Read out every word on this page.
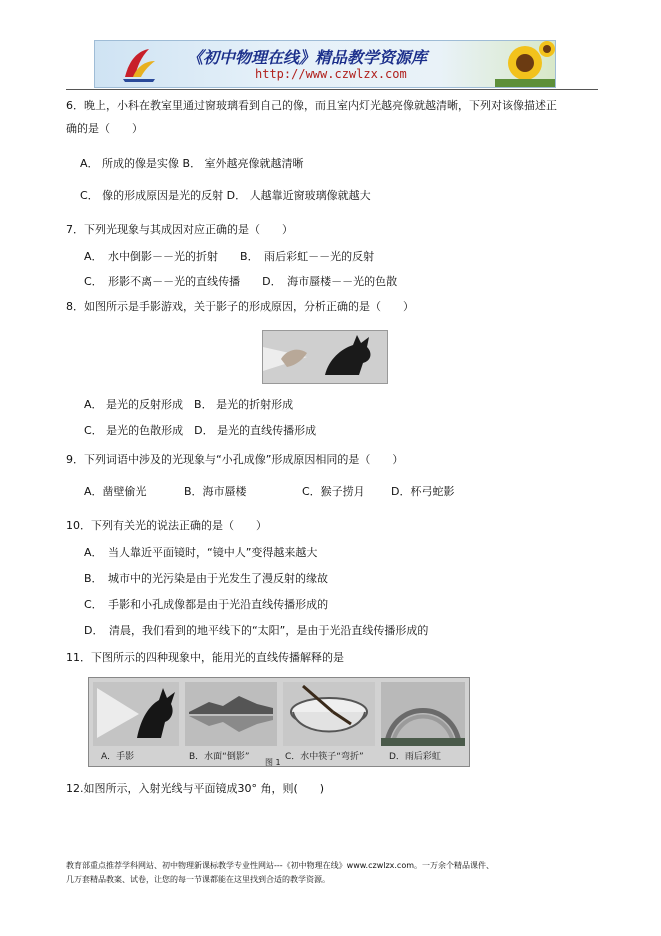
《初中物理在线》精品教学资源库
http://www.czwlzx.com
6．晚上，小科在教室里通过窗玻璃看到自己的像，而且室内灯光越亮像就越清晰，下列对该像描述正
确的是（　　）
A． 所成的像是实像 B． 室外越亮像就越清晰
C． 像的形成原因是光的反射 D． 人越靠近窗玻璃像就越大
7．下列光现象与其成因对应正确的是（　　）
A．　水中倒影－－光的折射　　B．　雨后彩虹－－光的反射
C．　形影不离－－光的直线传播　　D．　海市蜃楼－－光的色散
8．如图所示是手影游戏，关于影子的形成原因，分析正确的是（　　）
A． 是光的反射形成　B． 是光的折射形成
C． 是光的色散形成　D． 是光的直线传播形成
9．下列词语中涉及的光现象与“小孔成像”形成原因相同的是（　　）
A．凿壁偷光	B．海市蜃楼	C．猴子捞月 D．杯弓蛇影
10．下列有关光的说法正确的是（　　）
A．　当人靠近平面镜时，“镜中人”变得越来越大
B．　城市中的光污染是由于光发生了漫反射的缘故
C．　手影和小孔成像都是由于光沿直线传播形成的
D．　清晨，我们看到的地平线下的“太阳”，是由于光沿直线传播形成的
11．下图所示的四种现象中，能用光的直线传播解释的是
A．手影	B．水面“倒影”	C．水中筷子“弯折”	D．雨后彩虹
图 1
12.如图所示，入射光线与平面镜成30° 角，则(　　)
教育部重点推荐学科网站、初中物理新课标教学专业性网站---《初中物理在线》www.czwlzx.com。一万余个精品课件、
几万套精品教案、试卷，让您的每一节课都能在这里找到合适的教学资源。
